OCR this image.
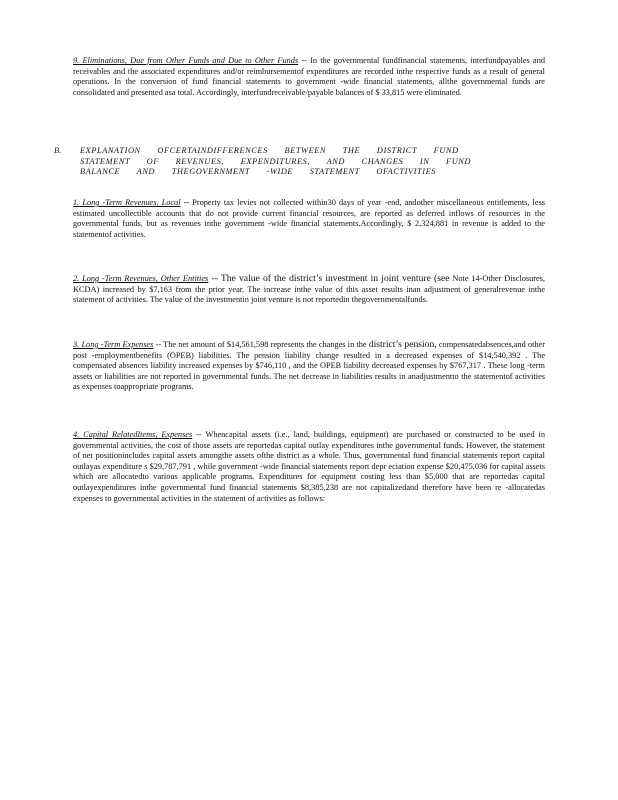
9. Eliminations, Due from Other Funds and Due to Other Funds -- In the governmental fundfinancial statements, interfundpayables and receivables and the associated expenditures and/or reimbursementof expenditures are recorded inthe respective funds as a result of general operations. In the conversion of fund financial statements to government -wide financial statements, allthe governmental funds are consolidated and presented asa total. Accordingly, interfundreceivable/payable balances of $ 33,815 were eliminated.

B. EXPLANATION OFCERTAINDIFFERENCES BETWEEN THE DISTRICT FUND STATEMENT OF REVENUES, EXPENDITURES, AND CHANGES IN FUND BALANCE AND THEGOVERNMENT -WIDE STATEMENT OFACTIVITIES

1. Long -Term Revenues, Local -- Property tax levies not collected within30 days of year -end, andother miscellaneous entitlements, less estimated uncollectible accounts that do not provide current financial resources, are reported as deferred inflows of resources in the governmental funds, but as revenues inthe government -wide financial statements.Accordingly, $ 2,324,881 in revenue is added to the statementof activities.

2. Long -Term Revenues, Other Entities -- The value of the district’s investment in joint venture (see Note 14-Other Disclosures, KCDA) increased by $7,163 from the prior year. The increase inthe value of this asset results inan adjustment of generalrevenue inthe statement of activities. The value of the investmentin joint venture is not reportedin thegovernmentalfunds.

3. Long -Term Expenses -- The net amount of $14,561,598 represents the changes in the district’s pension, compensatedabsences,and other post -employmentbenefits (OPEB) liabilities. The pension liability change resulted in a decreased expenses of $14,540,392 . The compensated absences liability increased expenses by $746,110 , and the OPEB liability decreased expenses by $767,317 . These long -term assets or liabilities are not reported in governmental funds. The net decrease in liabilities results in anadjustmentto the statementof activities as expenses toappropriate programs.

4. Capital RelatedItems, Expenses -- Whencapital assets (i.e., land, buildings, equipment) are purchased or constructed to be used in governmental activities, the cost of those assets are reportedas capital outlay expenditures inthe governmental funds. However, the statement of net positionincludes capital assets amongthe assets ofthe district as a whole. Thus, governmental fund financial statements report capital outlayas expenditure s $29,787,791 , while government -wide financial statements report depr eciation expense $20,475,036 for capital assets which are allocatedto various applicable programs. Expenditures for equipment costing less than $5,000 that are reportedas capital outlayexpenditures inthe governmental fund financial statements $8,385,238 are not capitalizedand therefore have been re -allocatedas expenses to governmental activities in the statement of activities as follows:
